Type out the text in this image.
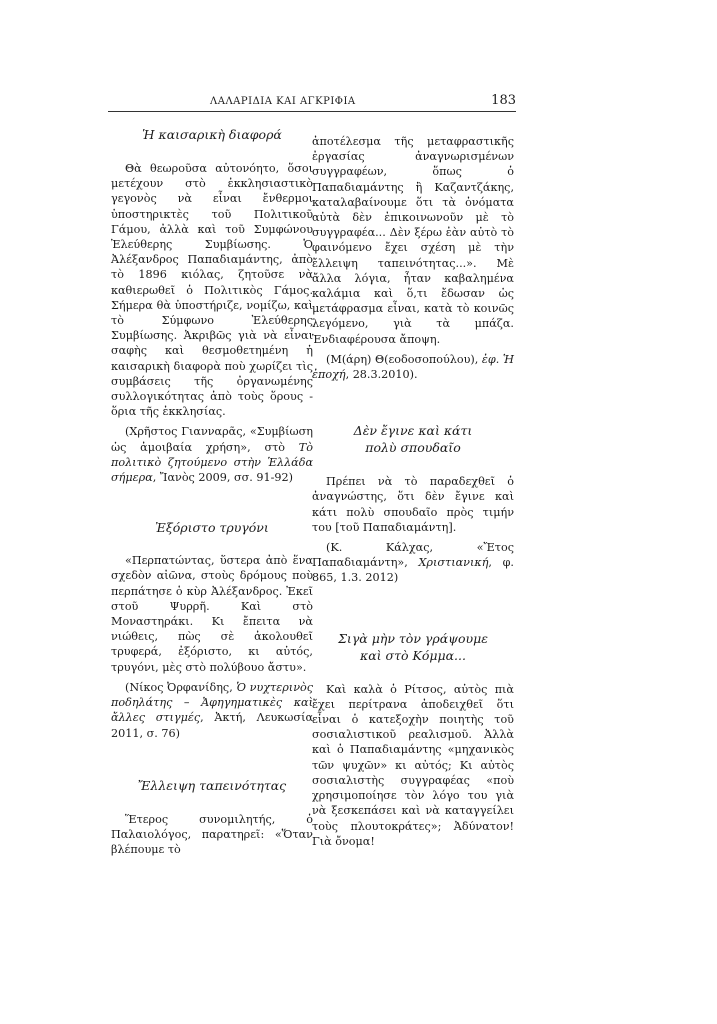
ΛΑΛΑΡΙΔΙΑ ΚΑΙ ΑΓΚΡΙΦΙΑ	183

Ἡ καισαρικὴ διαφορά

Θὰ θεωροῦσα αὐτονόητο, ὅσοι μετέχουν στὸ ἐκκλησιαστικὸ γεγονὸς νὰ εἶναι ἔνθερμοι ὑποστηρικτὲς τοῦ Πολιτικοῦ Γάμου, ἀλλὰ καὶ τοῦ Συμφώνου Ἐλεύθερης Συμβίωσης. Ὁ Ἀλέξανδρος Παπαδιαμάντης, ἀπὸ τὸ 1896 κιόλας, ζητοῦσε νὰ καθιερωθεῖ ὁ Πολιτικὸς Γάμος. Σήμερα θὰ ὑποστήριζε, νομίζω, καὶ τὸ Σύμφωνο Ἐλεύθερης Συμβίωσης. Ἀκριβῶς γιὰ νὰ εἶναι σαφὴς καὶ θεσμοθετημένη ἡ καισαρικὴ διαφορὰ ποὺ χωρίζει τὶς συμβάσεις τῆς ὀργανωμένης συλλογικότητας ἀπὸ τοὺς ὅρους - ὅρια τῆς ἐκκλησίας.

(Χρῆστος Γιανναρᾶς, «Συμβίωση ὡς ἀμοιβαία χρήση», στὸ Τὸ πολιτικὸ ζητούμενο στὴν Ἑλλάδα σήμερα, Ἴανὸς 2009, σσ. 91-92)

Ἐξόριστο τρυγόνι

«Περπατώντας, ὕστερα ἀπὸ ἕνα σχεδὸν αἰῶνα, στοὺς δρόμους ποὺ περπάτησε ὁ κὺρ Ἀλέξανδρος. Ἐκεῖ στοῦ Ψυρρῆ. Καὶ στὸ Μοναστηράκι. Κι ἔπειτα νὰ νιώθεις, πὼς σὲ ἀκολουθεῖ τρυφερά, ἐξόριστο, κι αὐτός, τρυγόνι, μὲς στὸ πολύβουο ἄστυ».

(Νίκος Ὀρφανίδης, Ὁ νυχτερινὸς ποδηλάτης – Ἀφηγηματικὲς καὶ ἄλλες στιγμές, Ἀκτή, Λευκωσία 2011, σ. 76)

Ἔλλειψη ταπεινότητας

Ἕτερος συνομιλητής, ὁ Παλαιολόγος, παρατηρεῖ: «Ὅταν βλέπουμε τὸ

ἀποτέλεσμα τῆς μεταφραστικῆς ἐργασίας ἀναγνωρισμένων συγγραφέων, ὅπως ὁ Παπαδιαμάντης ἢ Καζαντζάκης, καταλαβαίνουμε ὅτι τὰ ὀνόματα αὐτὰ δὲν ἐπικοινωνοῦν μὲ τὸ συγγραφέα... Δὲν ξέρω ἐὰν αὐτὸ τὸ φαινόμενο ἔχει σχέση μὲ τὴν ἔλλειψη ταπεινότητας...». Μὲ ἄλλα λόγια, ἦταν καβαλημένα καλάμια καὶ ὅ,τι ἔδωσαν ὡς μετάφρασμα εἶναι, κατὰ τὸ κοινῶς λεγόμενο, γιὰ τὰ μπάζα. Ἐνδιαφέρουσα ἄποψη.

(Μ(άρη) Θ(εοδοσοπούλου), ἐφ. Ἡ ἐποχή, 28.3.2010).

Δὲν ἔγινε καὶ κάτι

πολὺ σπουδαῖο

Πρέπει νὰ τὸ παραδεχθεῖ ὁ ἀναγνώστης, ὅτι δὲν ἔγινε καὶ κάτι πολὺ σπουδαῖο πρὸς τιμήν του [τοῦ Παπαδιαμάντη].

(Κ. Κάλχας, «Ἔτος Παπαδιαμάντη», Χριστιανική, φ. 865, 1.3. 2012)

Σιγὰ μὴν τὸν γράψουμε

καὶ στὸ Κόμμα...

Καὶ καλὰ ὁ Ρίτσος, αὐτὸς πιὰ ἔχει περίτρανα ἀποδειχθεῖ ὅτι εἶναι ὁ κατεξοχὴν ποιητὴς τοῦ σοσιαλιστικοῦ ρεαλισμοῦ. Ἀλλὰ καὶ ὁ Παπαδιαμάντης «μηχανικὸς τῶν ψυχῶν» κι αὐτός; Κι αὐτὸς σοσιαλιστὴς συγγραφέας «ποὺ χρησιμοποίησε τὸν λόγο του γιὰ νὰ ξεσκεπάσει καὶ νὰ καταγγείλει τοὺς πλουτοκράτες»; Ἀδύνατον! Γιὰ ὄνομα!
